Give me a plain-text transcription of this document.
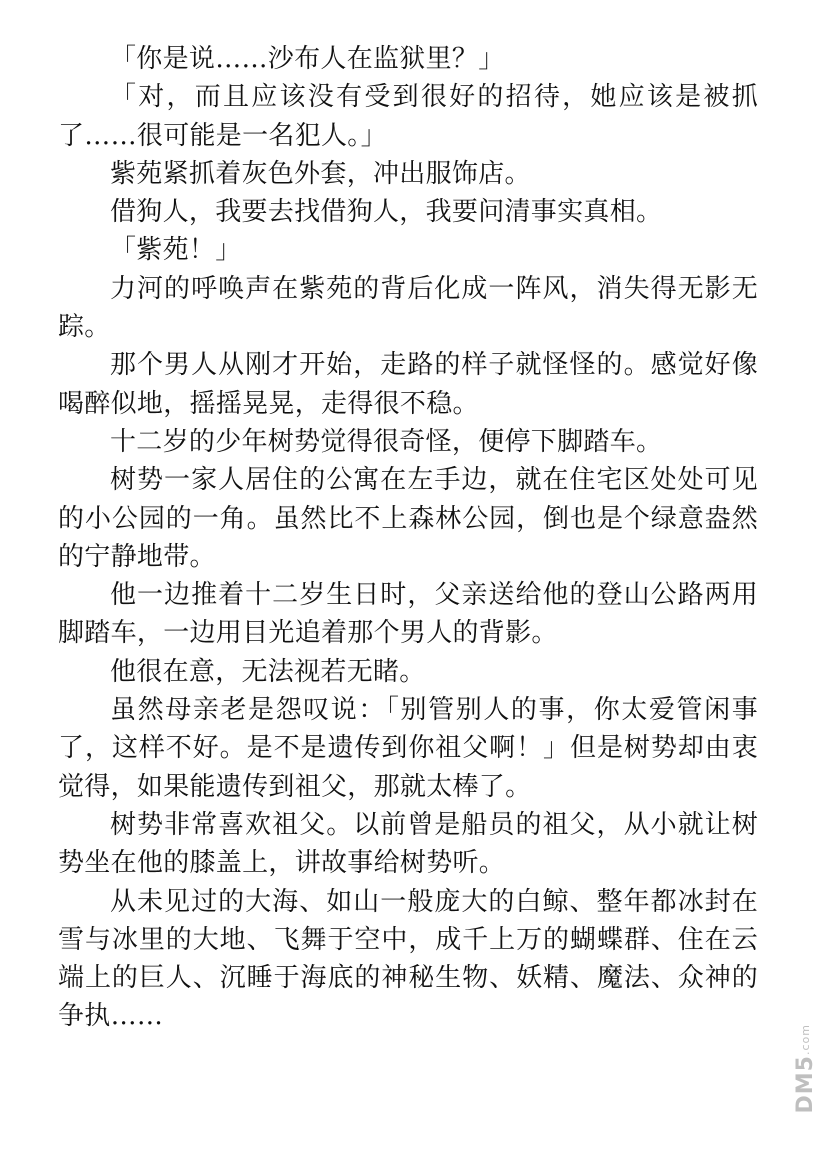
「你是说……沙布人在监狱里？」

「对，而且应该没有受到很好的招待，她应该是被抓了……很可能是一名犯人。」

紫苑紧抓着灰色外套，冲出服饰店。

借狗人，我要去找借狗人，我要问清事实真相。

「紫苑！」

力河的呼唤声在紫苑的背后化成一阵风，消失得无影无踪。

那个男人从刚才开始，走路的样子就怪怪的。感觉好像喝醉似地，摇摇晃晃，走得很不稳。

十二岁的少年树势觉得很奇怪，便停下脚踏车。

树势一家人居住的公寓在左手边，就在住宅区处处可见的小公园的一角。虽然比不上森林公园，倒也是个绿意盎然的宁静地带。

他一边推着十二岁生日时，父亲送给他的登山公路两用脚踏车，一边用目光追着那个男人的背影。

他很在意，无法视若无睹。

虽然母亲老是怨叹说：「别管别人的事，你太爱管闲事了，这样不好。是不是遗传到你祖父啊！」但是树势却由衷觉得，如果能遗传到祖父，那就太棒了。

树势非常喜欢祖父。以前曾是船员的祖父，从小就让树势坐在他的膝盖上，讲故事给树势听。

从未见过的大海、如山一般庞大的白鲸、整年都冰封在雪与冰里的大地、飞舞于空中，成千上万的蝴蝶群、住在云端上的巨人、沉睡于海底的神秘生物、妖精、魔法、众神的争执……

DM5.com
